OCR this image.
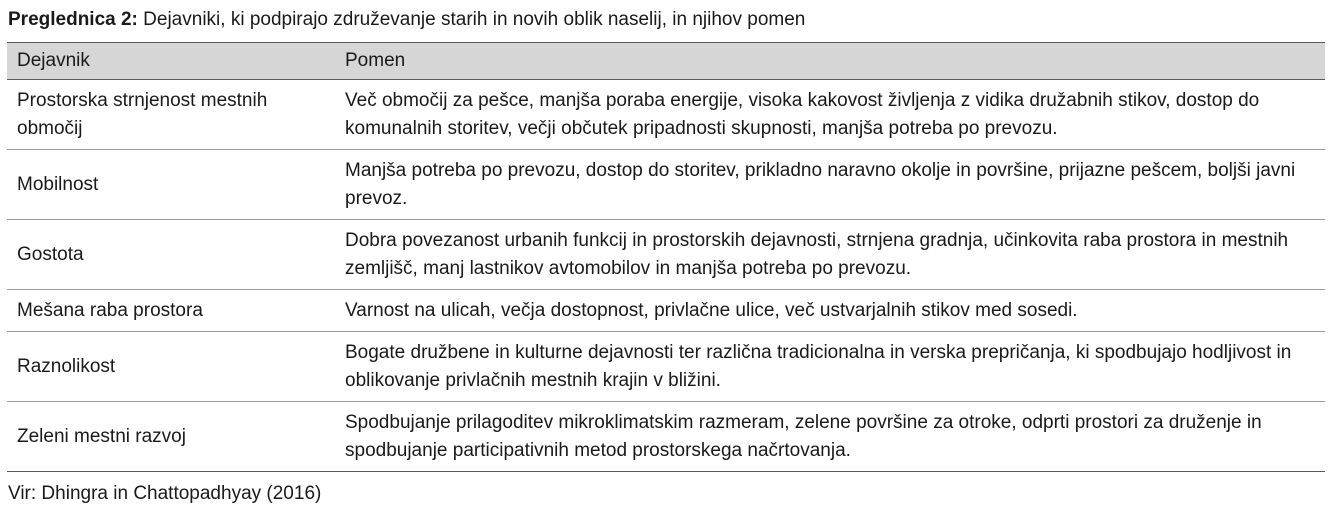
Preglednica 2: Dejavniki, ki podpirajo združevanje starih in novih oblik naselij, in njihov pomen
Dejavnik	Pomen
Prostorska strnjenost mestnih območij	Več območij za pešce, manjša poraba energije, visoka kakovost življenja z vidika družabnih stikov, dostop do komunalnih storitev, večji občutek pripadnosti skupnosti, manjša potreba po prevozu.
Mobilnost	Manjša potreba po prevozu, dostop do storitev, prikladno naravno okolje in površine, prijazne pešcem, boljši javni prevoz.
Gostota	Dobra povezanost urbanih funkcij in prostorskih dejavnosti, strnjena gradnja, učinkovita raba prostora in mestnih zemljišč, manj lastnikov avtomobilov in manjša potreba po prevozu.
Mešana raba prostora	Varnost na ulicah, večja dostopnost, privlačne ulice, več ustvarjalnih stikov med sosedi.
Raznolikost	Bogate družbene in kulturne dejavnosti ter različna tradicionalna in verska prepričanja, ki spodbujajo hodljivost in oblikovanje privlačnih mestnih krajin v bližini.
Zeleni mestni razvoj	Spodbujanje prilagoditev mikroklimatskim razmeram, zelene površine za otroke, odprti prostori za druženje in spodbujanje participativnih metod prostorskega načrtovanja.
Vir: Dhingra in Chattopadhyay (2016)
